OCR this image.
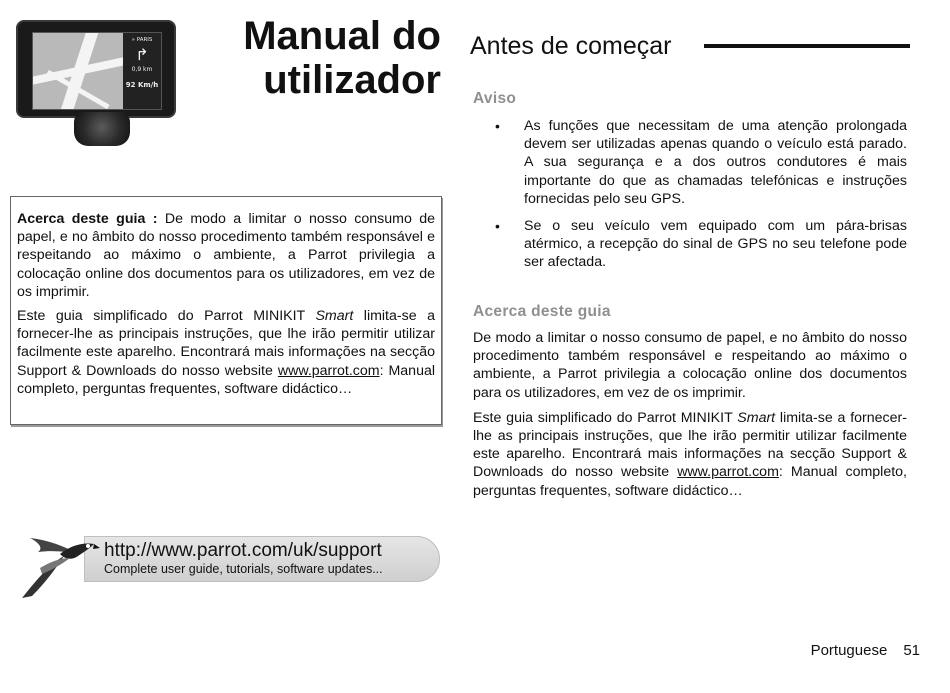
» PARIS
↱
0,9 km
92 Km/h
Manual do
utilizador

Acerca deste guia : De modo a limitar o nosso consumo de papel, e no âmbito do nosso procedimento também responsável e respeitando ao máximo o ambiente, a Parrot privilegia a colocação online dos documentos para os utilizadores, em vez de os imprimir.

Este guia simplificado do Parrot MINIKIT Smart limita-se a fornecer-lhe as principais instruções, que lhe irão permitir utilizar facilmente este aparelho. Encontrará mais informações na secção Support & Downloads do nosso website www.parrot.com: Manual completo, perguntas frequentes, software didáctico…

http://www.parrot.com/uk/support
Complete user guide, tutorials, software updates...
Antes de começar
Aviso
• As funções que necessitam de uma atenção prolongada devem ser utilizadas apenas quando o veículo está parado. A sua segurança e a dos outros condutores é mais importante do que as chamadas telefónicas e instruções fornecidas pelo seu GPS.
• Se o seu veículo vem equipado com um pára-brisas atérmico, a recepção do sinal de GPS no seu telefone pode ser afectada.
Acerca deste guia

De modo a limitar o nosso consumo de papel, e no âmbito do nosso procedimento também responsável e respeitando ao máximo o ambiente, a Parrot privilegia a colocação online dos documentos para os utilizadores, em vez de os imprimir.

Este guia simplificado do Parrot MINIKIT Smart limita-se a fornecer-lhe as principais instruções, que lhe irão permitir utilizar facilmente este aparelho. Encontrará mais informações na secção Support & Downloads do nosso website www.parrot.com: Manual completo, perguntas frequentes, software didáctico…

Portuguese 51
